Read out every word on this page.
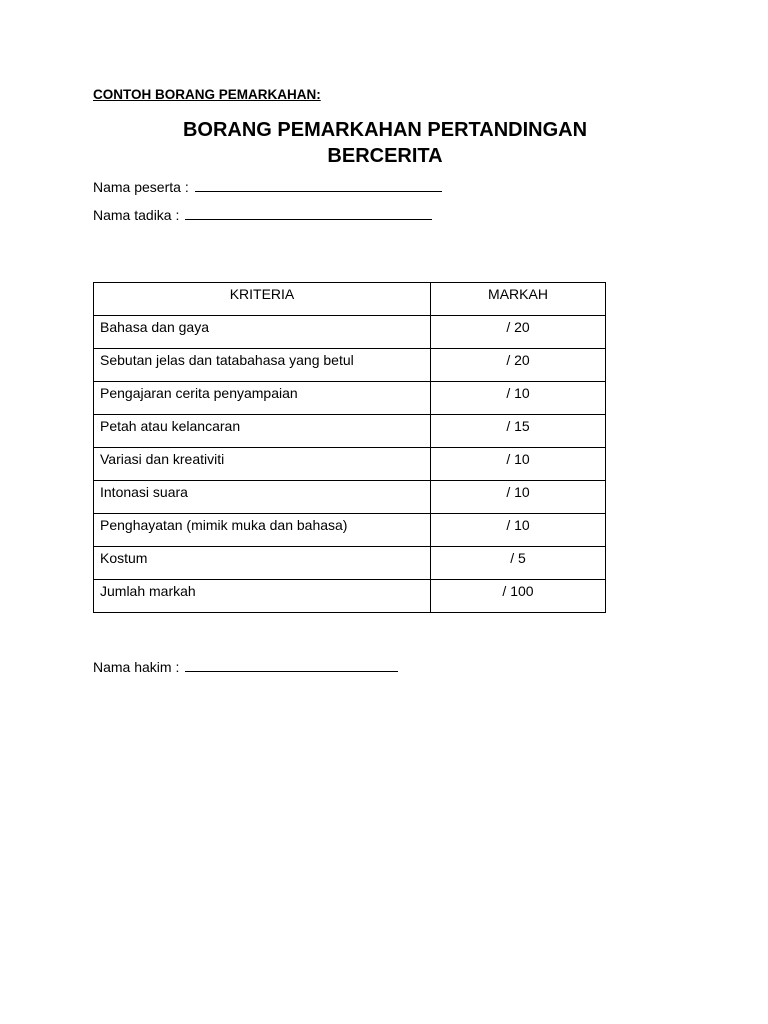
CONTOH BORANG PEMARKAHAN:
BORANG PEMARKAHAN PERTANDINGAN
BERCERITA
Nama peserta :
Nama tadika :
KRITERIA	MARKAH
Bahasa dan gaya	/ 20
Sebutan jelas dan tatabahasa yang betul	/ 20
Pengajaran cerita penyampaian	/ 10
Petah atau kelancaran	/ 15
Variasi dan kreativiti	/ 10
Intonasi suara	/ 10
Penghayatan (mimik muka dan bahasa)	/ 10
Kostum	/ 5
Jumlah markah	/ 100
Nama hakim :
